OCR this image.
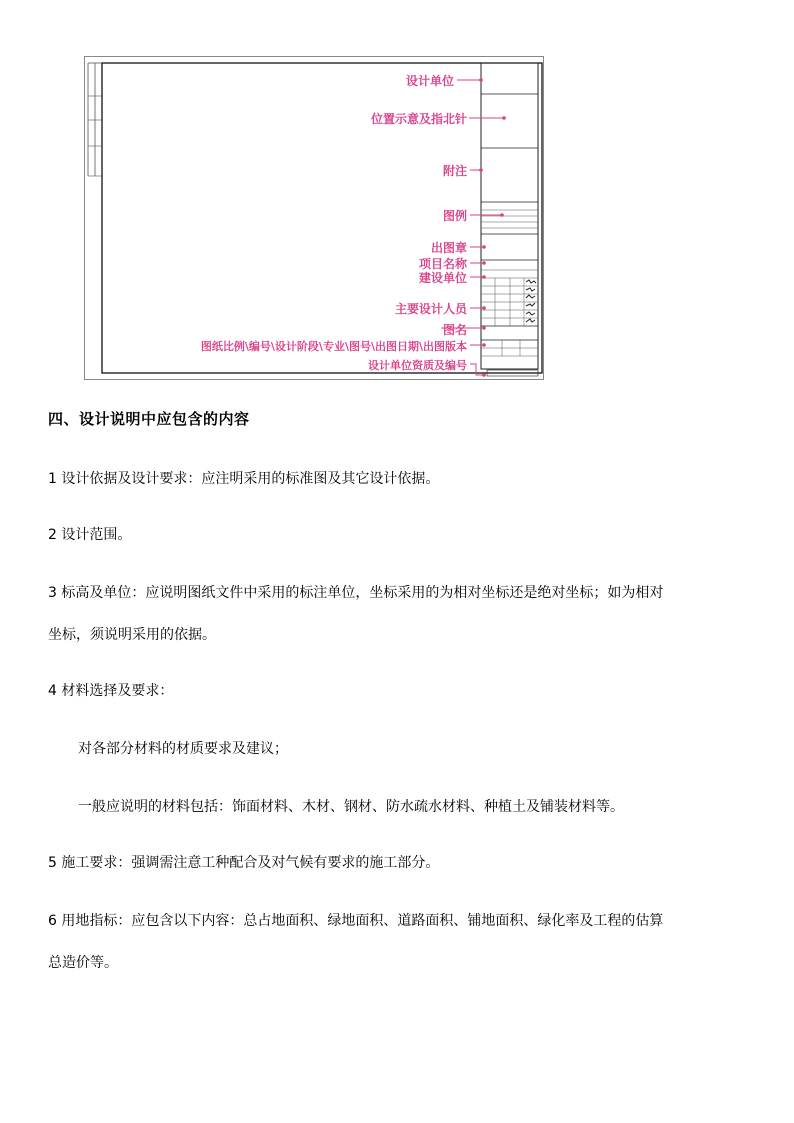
设计单位
位置示意及指北针
附注
图例
出图章
项目名称
建设单位
主要设计人员
图名
图纸比例\编号\设计阶段\专业\图号\出图日期\出图版本
设计单位资质及编号
四、设计说明中应包含的内容

1 设计依据及设计要求：应注明采用的标准图及其它设计依据。

2 设计范围。

3 标高及单位：应说明图纸文件中采用的标注单位，坐标采用的为相对坐标还是绝对坐标；如为相对

坐标，须说明采用的依据。

4 材料选择及要求：

对各部分材料的材质要求及建议；

一般应说明的材料包括：饰面材料、木材、钢材、防水疏水材料、种植土及铺装材料等。

5 施工要求：强调需注意工种配合及对气候有要求的施工部分。

6 用地指标：应包含以下内容：总占地面积、绿地面积、道路面积、铺地面积、绿化率及工程的估算

总造价等。
